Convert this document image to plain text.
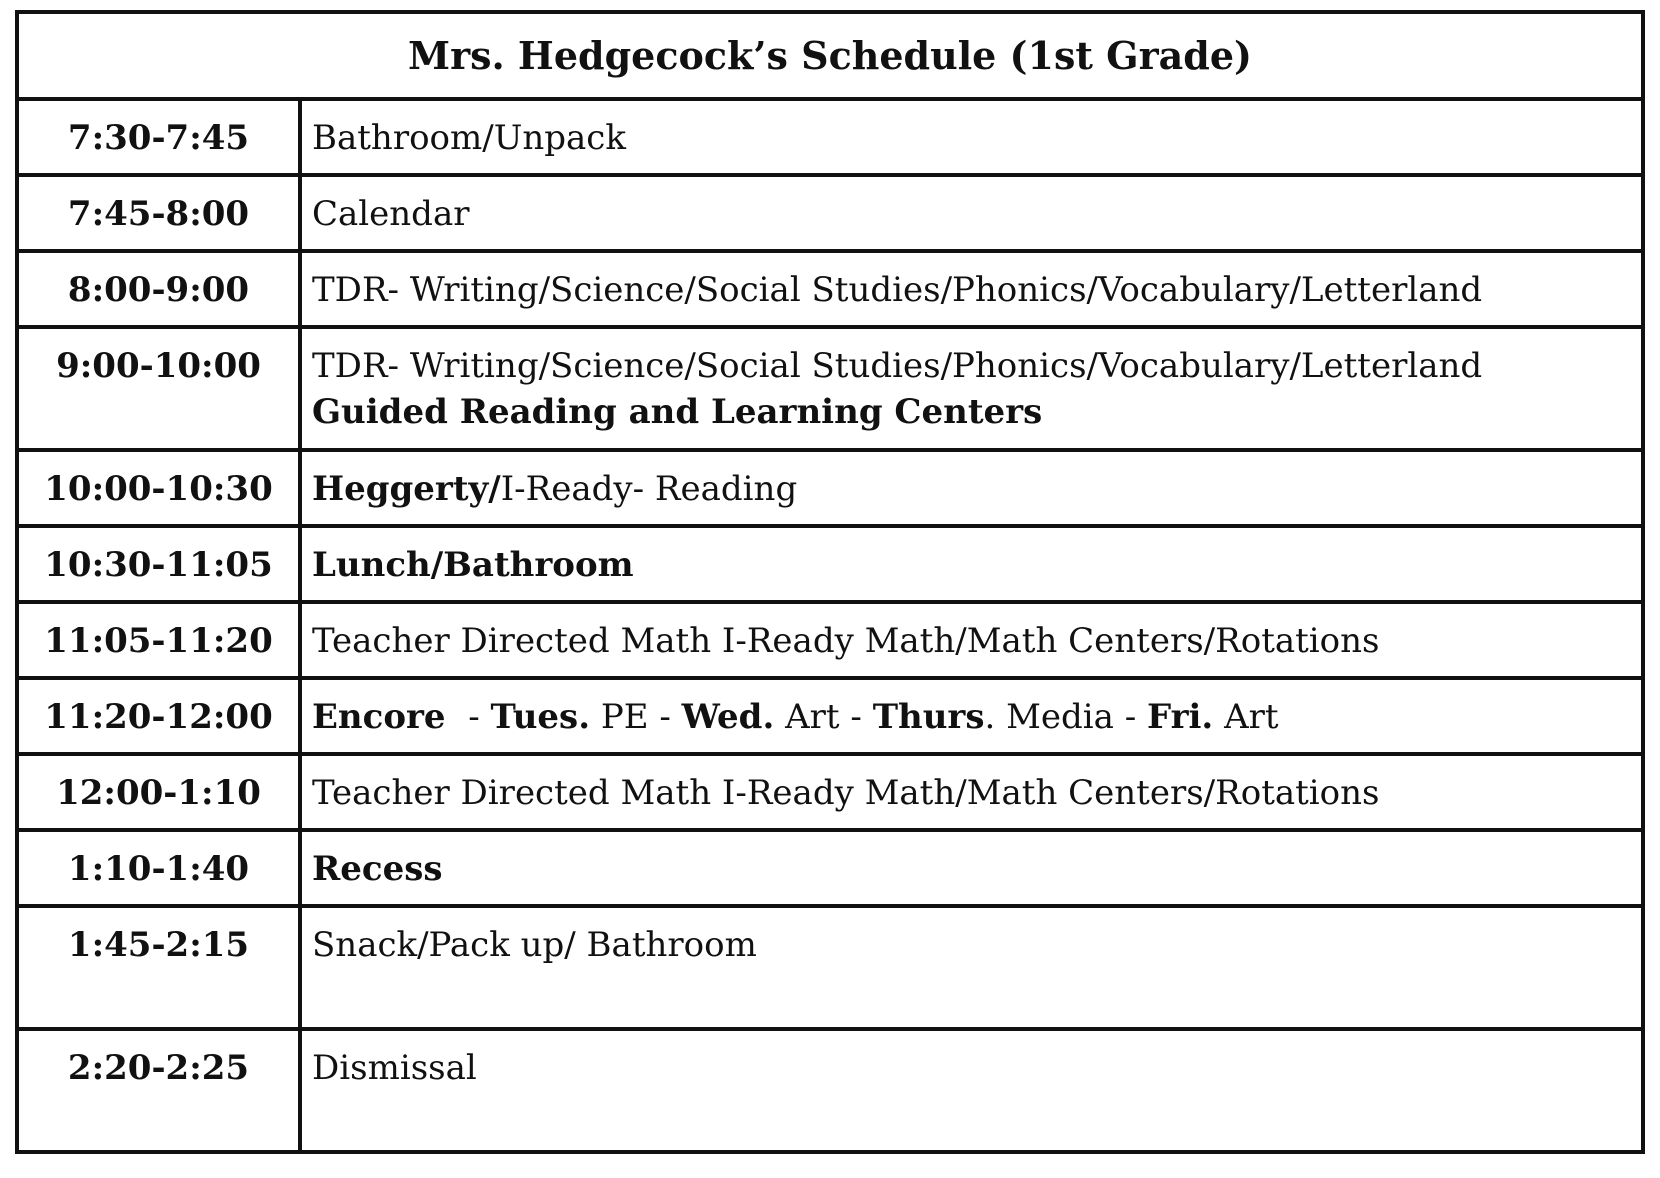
Mrs. Hedgecock’s Schedule (1st Grade)	
7:30-7:45	Bathroom/Unpack
7:45-8:00	Calendar
8:00-9:00	TDR- Writing/Science/Social Studies/Phonics/Vocabulary/Letterland
9:00-10:00	TDR- Writing/Science/Social Studies/Phonics/Vocabulary/Letterland
Guided Reading and Learning Centers

10:00-10:30	Heggerty/I-Ready- Reading
10:30-11:05	Lunch/Bathroom
11:05-11:20	Teacher Directed Math I-Ready Math/Math Centers/Rotations
11:20-12:00	Encore  - Tues. PE - Wed. Art - Thurs. Media - Fri. Art
12:00-1:10	Teacher Directed Math I-Ready Math/Math Centers/Rotations
1:10-1:40	Recess
1:45-2:15	Snack/Pack up/ Bathroom
2:20-2:25	Dismissal
